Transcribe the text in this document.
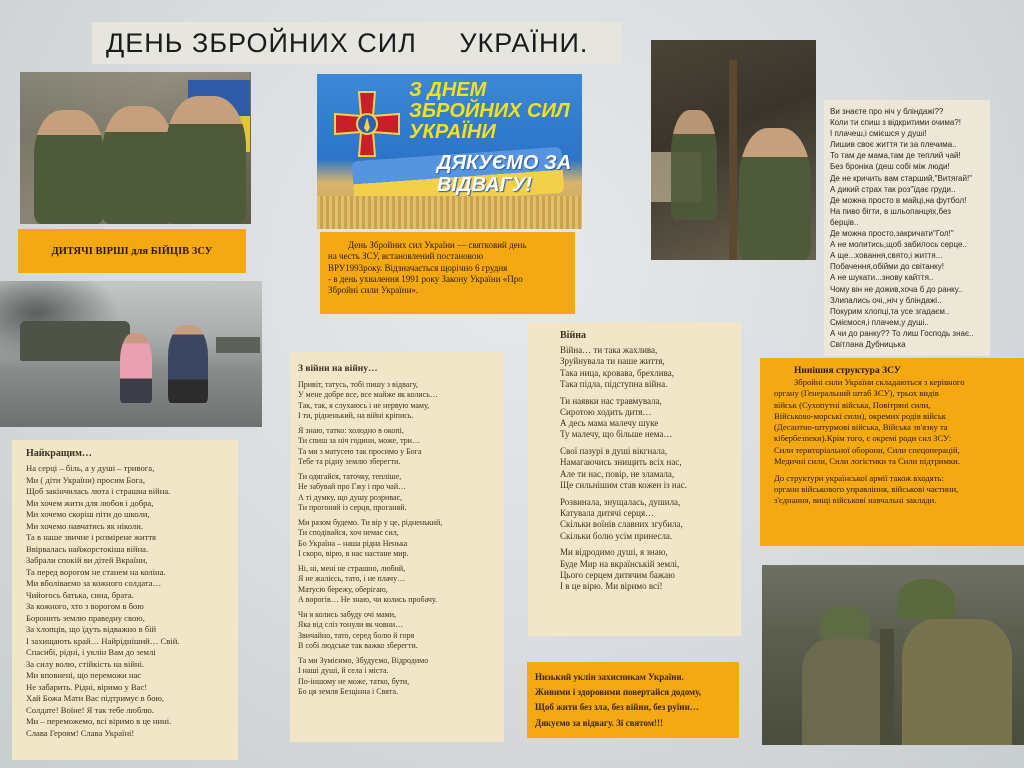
ДЕНЬ ЗБРОЙНИХ СИЛ     УКРАЇНИ.
З ДНЕМ ЗБРОЙНИХ СИЛ УКРАЇНИ
ДЯКУЄМО ЗА ВІДВАГУ!
ДИТЯЧІ ВІРШІ для БІЙЦІВ ЗСУ
День Збройних сил України — святковий день
на честь ЗСУ, встановлений постановою
ВРУ1993року. Відзначається щорічно 6 грудня
- в день ухвалення 1991 року Закону України «Про
Збройні сили України».
Ви знаєте про ніч у бліндажі??
Коли ти спиш з відкритими очима?!
І плачеш,і смієшся у душі!
Лишив своє життя ти за плечима..
То там де мама,там де теплий чай!
Без броніка (деш собі між люди!
Де не кричить вам старший,"Витягай!"
А дикий страх так роз"їдає груди..
Де можна просто в майці,на футбол!
На пиво бігти, в шльопанцях,без
берців..
Де можна просто,закричати"Гол!"
А не молитись,щоб забилось серце..
А ще...ховання,свято,і життя...
Побачення,обійми до світанку!
А не шукати...знову кайття..
Чому він не дожив,хоча б до ранку..
Злипались очі,,ніч у бліндажі..
Покурим хлопці,та усе згадаєм..
Сміємося,і плачем,у душі..
А чи до ранку?? То лиш Господь знає..
Світлана Дубницька
Найкращим…
На серці – біль, а у душі – тривога,
Ми ( діти України) просим Бога,
Щоб закінчилась люта і страшна війна.
Ми хочем жити для любов і добра,
Ми хочемо скоріш піти до школи,
Ми хочемо навчатись як ніколи.
Та в наше звичне і розмірене життя
Ввірвалась найжорстокіша війна.
Забрали спокій ви дітей Вкраїни,
Та перед ворогом не станем на коліна.
Ми вболіваємо за кожного солдата…
Чийогось батька, сина, брата.
За кожного, хто з ворогом в бою
Боронить землю праведну свою,
За хлопців, що їдуть відважно в бій
І захищають край… Найрідніший… Свій.
Спасибі, рідні, і уклін Вам до землі
За силу волю, стійкість на війні.
Ми вповнені, що переможи нас
Не забарить. Рідні, віримо у Вас!
Хай Божа Мати Вас підтримує в бою,
Солдате! Воїне! Я так тебе люблю.
Ми – переможемо, всі віримо в це нині.
Слава Героям! Слава Україні!
З війни на війну…
Привіт, татусь, тобі пишу з відвагу,
У мене добре все, все майже як колись…
Так, так, я слухаюсь і не нервую маму,
І ти, рідненький, на війні кріпись.

Я знаю, татко: холодно в окопі,
Ти спиш за ніч години, може, три…
Та ми з матусею так просимо у Бога
Тебе та рідну землю зберегти.

Ти одягайся, таточку, тепліше,
Не забувай про Гжу і про чай…
А ті думку, що душу розриває,
Ти прогоняй із серця, проганяй.

Ми разом будемо. Ти вір у це, рідненький,
Ти сподівайся, хоч немає сил,
Бо Україна – наша рідна Ненька
І скоро, вірю, в нас настане мир.

Ні, ні, мені не страшно, любий,
Я не жалієсь, тато, і не плачу…
Матусю бережу, оберігаю,
А ворогів… Не знаю, чи колись пробачу.

Чи я колись забуду очі мами,
Яка від сліз тонули як човни…
Звичайно, тато, серед болю й горя
В собі людське так важко зберегти.

Та ми Зумієимо, Збудуємо, Відродимо
І наші душі, й села і міста.
По-іншому не може, татко, бути,
Бо ця земля Безцінна і Свята.
Війна
Війна… ти така жахлива,
Зруйнувала ти наше життя,
Така ница, кровава, брехлива,
Така підла, підступна війна.

Ти наявки нас травмувала,
Сиротою ходить дитя…
А десь мама малечу шуке
Ту малечу, що більше нема…

Свої пазурі в душі вікгнала,
Намагаючись знищить всіх нас,
Але ти нас, повір, не зламала,
Ще сильнішим став кожен із нас.

Розвинала, знущалась, душила,
Катувала дитячі серця…
Скільки воїнів славних згубила,
Скільки болю усім принесла.

Ми відродимо душі, я знаю,
Буде Мир на вкраїнській землі,
Цього серцем дитячим бажаю
І в це вірю. Ми віримо всі!
Нинішня структура ЗСУ
Збройні сили України складаються з керівного
органу (Генеральний штаб ЗСУ), трьох видів
військ (Сухопутні війська, Повітряні сили,
Військово-морські сили), окремих родів військ
(Десантно-штурмові війська, Війська зв'язку та
кібербезпеки).Крім того, є окремі роди сил ЗСУ:
Сили територіальної оборони, Сили спецоперацій,
Медичні сили, Сили логістики та Сили підтримки.

До структури української армії також входять:
органи військового управління, військові частини,
з'єднання, вищі військові навчальні заклади.
Низький уклін захисникам України.
Живими і здоровими повертайся додому,
Щоб жити без зла, без війни, без руїни…
Дякуємо за відвагу. Зі святом!!!
